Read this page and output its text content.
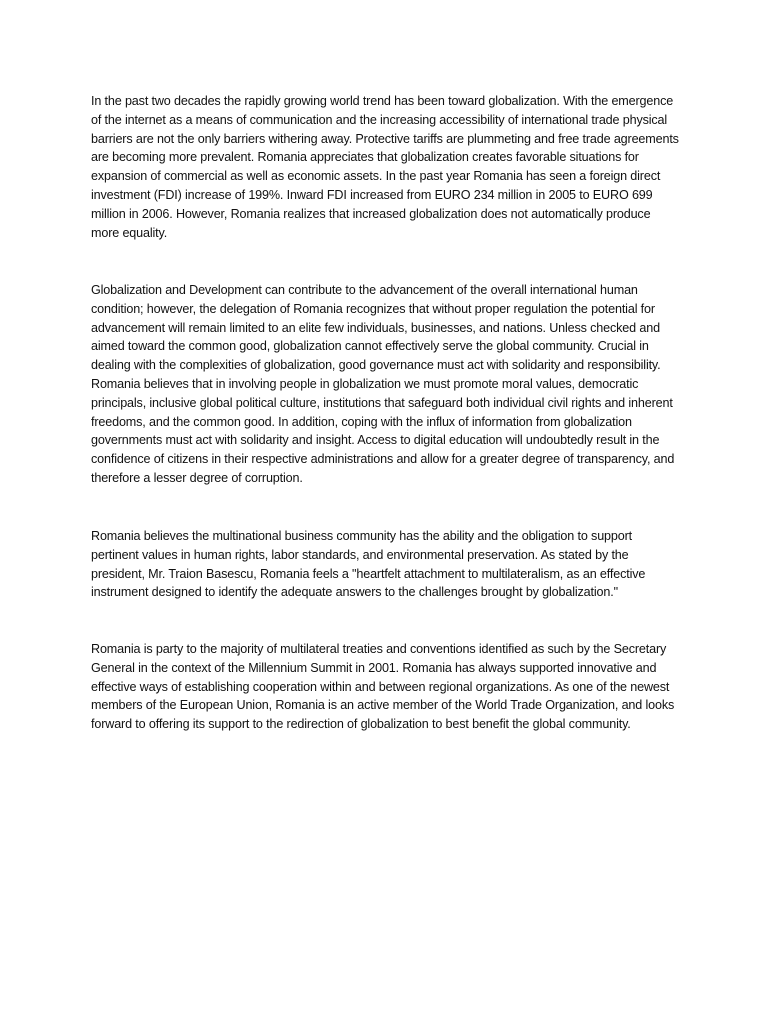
In the past two decades the rapidly growing world trend has been toward globalization. With the emergence of the internet as a means of communication and the increasing accessibility of international trade physical barriers are not the only barriers withering away. Protective tariffs are plummeting and free trade agreements are becoming more prevalent. Romania appreciates that globalization creates favorable situations for expansion of commercial as well as economic assets. In the past year Romania has seen a foreign direct investment (FDI) increase of 199%. Inward FDI increased from EURO 234 million in 2005 to EURO 699 million in 2006. However, Romania realizes that increased globalization does not automatically produce more equality.

Globalization and Development can contribute to the advancement of the overall international human condition; however, the delegation of Romania recognizes that without proper regulation the potential for advancement will remain limited to an elite few individuals, businesses, and nations. Unless checked and aimed toward the common good, globalization cannot effectively serve the global community. Crucial in dealing with the complexities of globalization, good governance must act with solidarity and responsibility. Romania believes that in involving people in globalization we must promote moral values, democratic principals, inclusive global political culture, institutions that safeguard both individual civil rights and inherent freedoms, and the common good. In addition, coping with the influx of information from globalization governments must act with solidarity and insight. Access to digital education will undoubtedly result in the confidence of citizens in their respective administrations and allow for a greater degree of transparency, and therefore a lesser degree of corruption.

Romania believes the multinational business community has the ability and the obligation to support pertinent values in human rights, labor standards, and environmental preservation. As stated by the president, Mr. Traion Basescu, Romania feels a "heartfelt attachment to multilateralism, as an effective instrument designed to identify the adequate answers to the challenges brought by globalization."

Romania is party to the majority of multilateral treaties and conventions identified as such by the Secretary General in the context of the Millennium Summit in 2001. Romania has always supported innovative and effective ways of establishing cooperation within and between regional organizations. As one of the newest members of the European Union, Romania is an active member of the World Trade Organization, and looks forward to offering its support to the redirection of globalization to best benefit the global community.
